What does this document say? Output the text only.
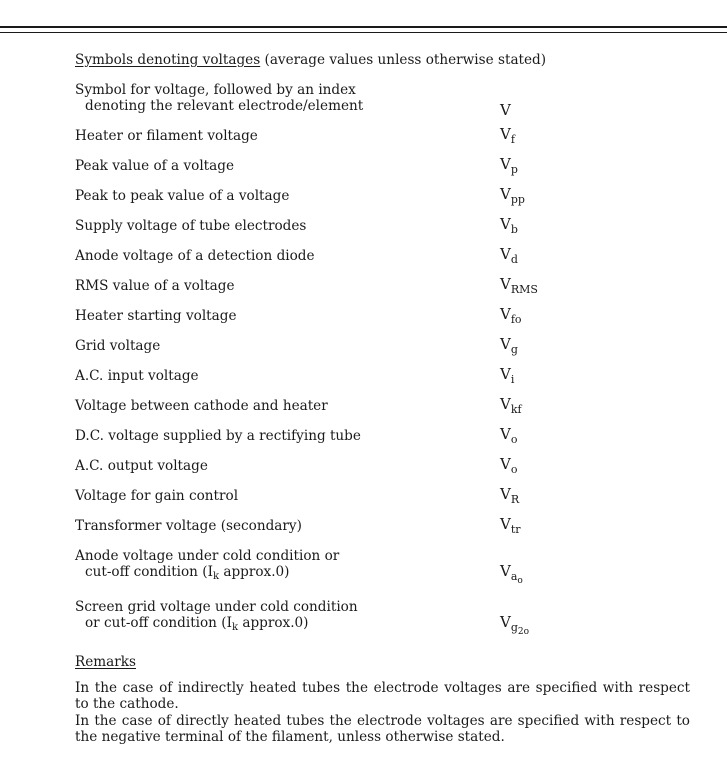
Symbols denoting voltages (average values unless otherwise stated)
Symbol for voltage, followed by an index
denoting the relevant electrode/element	V
Heater or filament voltage	$V_f$
Peak value of a voltage	$V_p$
Peak to peak value of a voltage	$V_{pp}$
Supply voltage of tube electrodes	$V_b$
Anode voltage of a detection diode	$V_d$
RMS value of a voltage	$V_{RMS}$
Heater starting voltage	$V_{fo}$
Grid voltage	$V_g$
A.C. input voltage	$V_i$
Voltage between cathode and heater	$V_{kf}$
D.C. voltage supplied by a rectifying tube	$V_o$
A.C. output voltage	$V_o$
Voltage for gain control	$V_R$
Transformer voltage (secondary)	$V_{tr}$
Anode voltage under cold condition or
cut-off condition ($I_k$ approx.0)	$V_{a_o}$
Screen grid voltage under cold condition
or cut-off condition ($I_k$ approx.0)	$V_{g_{2o}}$
Remarks

In the case of indirectly heated tubes the electrode voltages are specified with respect to the cathode.

In the case of directly heated tubes the electrode voltages are specified with respect to the negative terminal of the filament, unless otherwise stated.
